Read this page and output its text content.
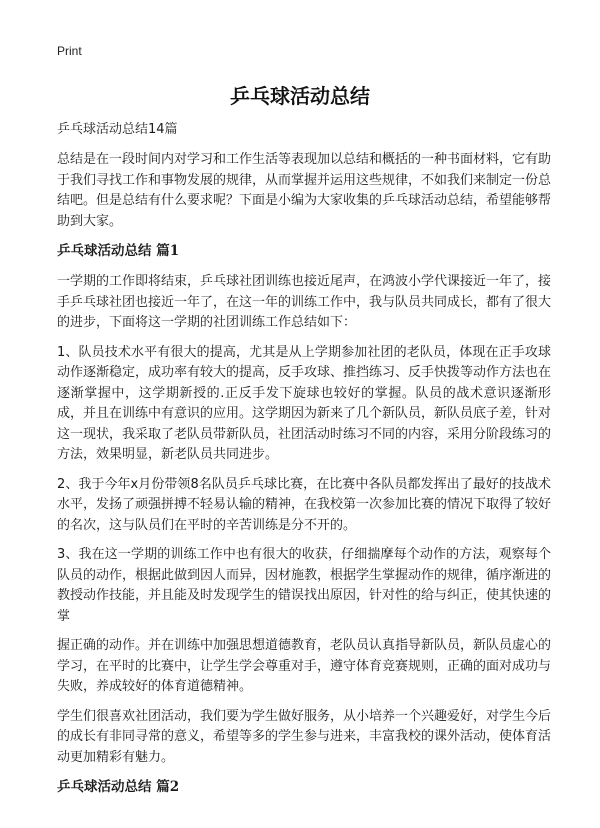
Print
乒乓球活动总结

乒乓球活动总结14篇

总结是在一段时间内对学习和工作生活等表现加以总结和概括的一种书面材料，它有助于我们寻找工作和事物发展的规律，从而掌握并运用这些规律，不如我们来制定一份总结吧。但是总结有什么要求呢？下面是小编为大家收集的乒乓球活动总结，希望能够帮助到大家。

乒乓球活动总结 篇1

一学期的工作即将结束，乒乓球社团训练也接近尾声，在鸿波小学代课接近一年了，接手乒乓球社团也接近一年了，在这一年的训练工作中，我与队员共同成长，都有了很大的进步，下面将这一学期的社团训练工作总结如下：

1、队员技术水平有很大的提高，尤其是从上学期参加社团的老队员，体现在正手攻球动作逐渐稳定，成功率有较大的提高，反手攻球、推挡练习、反手快拨等动作方法也在逐渐掌握中，这学期新授的.正反手发下旋球也较好的掌握。队员的战术意识逐渐形成，并且在训练中有意识的应用。这学期因为新来了几个新队员，新队员底子差，针对这一现状，我采取了老队员带新队员，社团活动时练习不同的内容，采用分阶段练习的方法，效果明显，新老队员共同进步。

2、我于今年x月份带领8名队员乒乓球比赛，在比赛中各队员都发挥出了最好的技战术水平，发扬了顽强拼搏不轻易认输的精神，在我校第一次参加比赛的情况下取得了较好的名次，这与队员们在平时的辛苦训练是分不开的。

3、我在这一学期的训练工作中也有很大的收获，仔细揣摩每个动作的方法，观察每个队员的动作，根据此做到因人而异，因材施教，根据学生掌握动作的规律，循序渐进的教授动作技能，并且能及时发现学生的错误找出原因，针对性的给与纠正，使其快速的掌

握正确的动作。并在训练中加强思想道德教育，老队员认真指导新队员，新队员虚心的学习，在平时的比赛中，让学生学会尊重对手，遵守体育竞赛规则，正确的面对成功与失败，养成较好的体育道德精神。

学生们很喜欢社团活动，我们要为学生做好服务，从小培养一个兴趣爱好，对学生今后的成长有非同寻常的意义，希望等多的学生参与进来，丰富我校的课外活动，使体育活动更加精彩有魅力。

乒乓球活动总结 篇2
